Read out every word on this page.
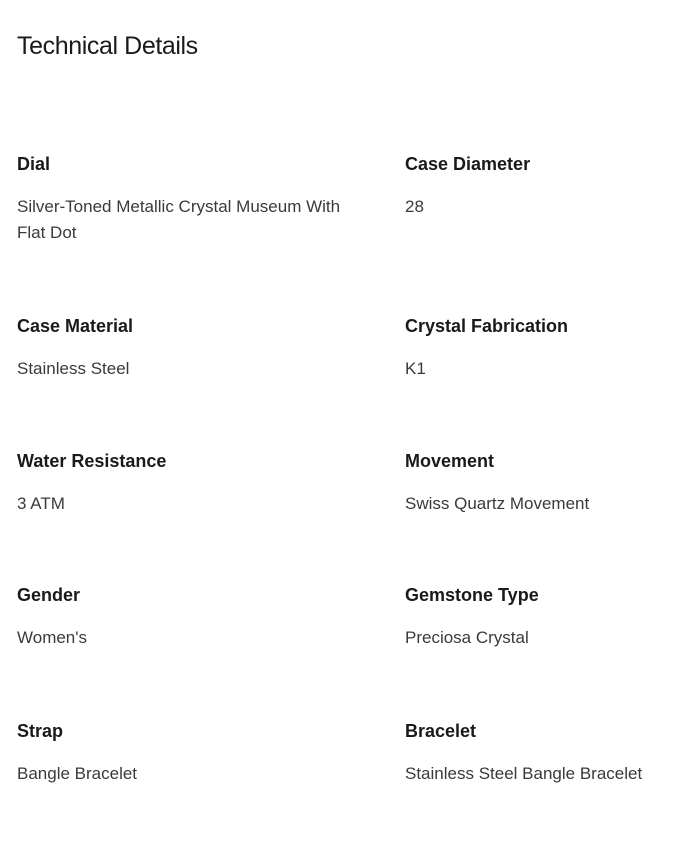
Technical Details
Dial
Silver-Toned Metallic Crystal Museum With Flat Dot
Case Diameter
28
Case Material
Stainless Steel
Crystal Fabrication
K1
Water Resistance
3 ATM
Movement
Swiss Quartz Movement
Gender
Women's
Gemstone Type
Preciosa Crystal
Strap
Bangle Bracelet
Bracelet
Stainless Steel Bangle Bracelet
